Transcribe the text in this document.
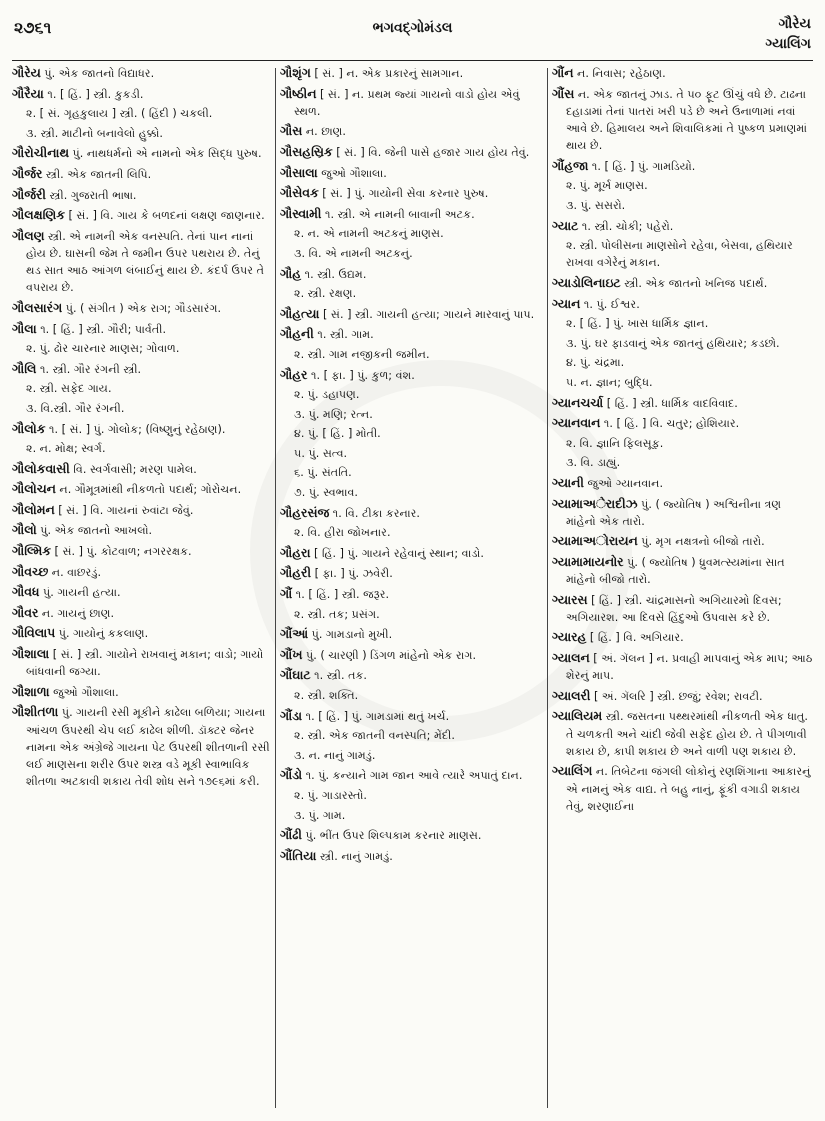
૨૭૬૧	ભગવદ્ગોમંડલ	ગૌરેય
ગ્યાલિંગ
ગૌરેય પું. એક જાતનો વિદ્યાધર.
ગૌરૈયા ૧. [ હિં. ] સ્ત્રી. કુકડી.
૨. [ સં. ગૃહકુલાય ] સ્ત્રી. ( હિંદી ) ચકલી.
૩. સ્ત્રી. માટીનો બનાવેલો હુક્કો.
ગૌરોચીનાથ પું. નાથધર્મનો એ નામનો એક સિદ્ધ પુરુષ.
ગૌર્જર સ્ત્રી. એક જાતની લિપિ.
ગૌર્જરી સ્ત્રી. ગુજરાતી ભાષા.
ગૌલક્ષણિક [ સં. ] વિ. ગાય કે બળદનાં લક્ષણ જાણનાર.
ગૌલણ સ્ત્રી. એ નામની એક વનસ્પતિ. તેનાં પાન નાનાં હોય છે. ઘાસની જેમ તે જમીન ઉપર પથરાય છે. તેનું થડ સાત આઠ આંગળ લંબાઈનું થાય છે. કંદર્પ ઉપર તે વપરાય છે.
ગૌલસારંગ પું. ( સંગીત ) એક રાગ; ગૌડસારંગ.
ગૌલા ૧. [ હિં. ] સ્ત્રી. ગૌરી; પાર્વતી.
૨. પું. ઢોર ચારનાર માણસ; ગોવાળ.
ગૌલિ ૧. સ્ત્રી. ગૌર રંગની સ્ત્રી.
૨. સ્ત્રી. સફેદ ગાય.
૩. વિ.સ્ત્રી. ગૌર રંગની.
ગૌલોક ૧. [ સં. ] પું. ગોલોક; (વિષ્ણુનું રહેઠાણ).
૨. ન. મોક્ષ; સ્વર્ગ.
ગૌલોકવાસી વિ. સ્વર્ગવાસી; મરણ પામેલ.
ગૌલોચન ન. ગૌમૂત્રમાંથી નીકળતો પદાર્થ; ગોરોચન.
ગૌલોમન [ સં. ] વિ. ગાયનાં રુવાંટા જેવું.
ગૌલો પું. એક જાતનો આખલો.
ગૌલ્મિક [ સં. ] પું. કોટવાળ; નગરરક્ષક.
ગૌવચ્છ ન. વાછરડું.
ગૌવધ પું. ગાયની હત્યા.
ગૌવર ન. ગાયનું છાણ.
ગૌવિલાપ પું. ગાયોનું કકલાણ.
ગૌશાલા [ સં. ] સ્ત્રી. ગાયોને રાખવાનું મકાન; વાડો; ગાયો બાંધવાની જગ્યા.
ગૌશાળા જુઓ ગૌશાલા.
ગૌશીતળા પું. ગાયની રસી મૂકીને કાઢેલા બળિયા; ગાયના આંચળ ઉપરથી ચેપ લઈ કાઢેલ શીળી. ડૉક્ટર જેનર નામના એક અંગ્રેજે ગાયના પેટ ઉપરથી શીતળાની રસી લઈ માણસના શરીર ઉપર શસ્ત્ર વડે મૂકી સ્વાભાવિક શીતળા અટકાવી શકાય તેવી શોધ સને ૧૭૯૬માં કરી.
ગૌશૃંગ [ સં. ] ન. એક પ્રકારનું સામગાન.
ગૌષ્ઠીન [ સં. ] ન. પ્રથમ જ્યાં ગાયનો વાડો હોય એવું સ્થળ.
ગૌસ ન. છાણ.
ગૌસહસ્રિક [ સં. ] વિ. જેની પાસે હજાર ગાય હોય તેવું.
ગૌસાલા જુઓ ગૌશાલા.
ગૌસેવક [ સં. ] પું. ગાયોની સેવા કરનાર પુરુષ.
ગૌસ્વામી ૧. સ્ત્રી. એ નામની બાવાની અટક.
૨. ન. એ નામની અટકનું માણસ.
૩. વિ. એ નામની અટકનું.
ગૌહ ૧. સ્ત્રી. ઉદ્યમ.
૨. સ્ત્રી. રક્ષણ.
ગૌહત્યા [ સં. ] સ્ત્રી. ગાયની હત્યા; ગાયને મારવાનું પાપ.
ગૌહની ૧. સ્ત્રી. ગામ.
૨. સ્ત્રી. ગામ નજીકની જમીન.
ગૌહર ૧. [ ફા. ] પું. કુળ; વંશ.
૨. પું. ડહાપણ.
૩. પું. મણિ; રત્ન.
૪. પું. [ હિં. ] મોતી.
૫. પું. સત્વ.
૬. પું. સંતતિ.
૭. પું. સ્વભાવ.
ગૌહરસંજ ૧. વિ. ટીકા કરનાર.
૨. વિ. હીરા જોખનાર.
ગૌહરા [ હિં. ] પું. ગાયને રહેવાનું સ્થાન; વાડો.
ગૌહરી [ ફા. ] પું. ઝવેરી.
ગૌં ૧. [ હિં. ] સ્ત્રી. જરૂર.
૨. સ્ત્રી. તક; પ્રસંગ.
ગૌંઆં પું. ગામડાનો મુખી.
ગૌંખ પું. ( ચારણી ) ડિંગળ માંહેનો એક રાગ.
ગૌંઘાટ ૧. સ્ત્રી. તક.
૨. સ્ત્રી. શક્તિ.
ગૌંડા ૧. [ હિં. ] પું. ગામડામાં થતું ખર્ચ.
૨. સ્ત્રી. એક જાતની વનસ્પતિ; મેંદી.
૩. ન. નાનું ગામડું.
ગૌંડો ૧. પું. કન્યાને ગામ જાન આવે ત્યારે અપાતું દાન.
૨. પું. ગાડારસ્તો.
૩. પું. ગામ.
ગૌંઢી પું. ભીંત ઉપર શિલ્પકામ કરનાર માણસ.
ગૌંતિયા સ્ત્રી. નાનું ગામડું.
ગૌંન ન. નિવાસ; રહેઠાણ.
ગૌંસ ન. એક જાતનું ઝાડ. તે ૫૦ ફૂટ ઊંચું વધે છે. ટાઢના દહાડામાં તેનાં પાતરાં ખરી પડે છે અને ઉનાળામાં નવાં આવે છે. હિમાલય અને શિવાલિકમાં તે પુષ્કળ પ્રમાણમાં થાય છે.
ગૌંહજા ૧. [ હિં. ] પું. ગામડિયો.
૨. પું. મૂર્ખ માણસ.
૩. પું. સસરો.
ગ્યાટ ૧. સ્ત્રી. ચોકી; પહેરો.
૨. સ્ત્રી. પોલીસના માણસોને રહેવા, બેસવા, હથિયાર રાખવા વગેરેનું મકાન.
ગ્યાડોલિનાઇટ સ્ત્રી. એક જાતનો ખનિજ પદાર્થ.
ગ્યાન ૧. પું. ઈશ્વર.
૨. [ હિં. ] પું. ખાસ ધાર્મિક જ્ઞાન.
૩. પું. ઘર ફાડવાનું એક જાતનું હથિયાર; કડછો.
૪. પું. ચંદ્રમા.
૫. ન. જ્ઞાન; બુદ્ધિ.
ગ્યાનચર્ચા [ હિં. ] સ્ત્રી. ધાર્મિક વાદવિવાદ.
ગ્યાનવાન ૧. [ હિં. ] વિ. ચતુર; હોશિયાર.
૨. વિ. જ્ઞાનિ ફિલસૂફ.
૩. વિ. ડાહ્યું.
ગ્યાની જુઓ ગ્યાનવાન.
ગ્યામાઅેરાદીઝ પું. ( જ્યોતિષ ) અશ્વિનીના ત્રણ માંહેનો એક તારો.
ગ્યામાઅોરાયન પું. મૃગ નક્ષત્રનો બીજો તારો.
ગ્યામામાયનોર પું. ( જ્યોતિષ ) ધ્રુવમત્સ્યમાંના સાત માંહેનો બીજો તારો.
ગ્યારસ [ હિં. ] સ્ત્રી. ચાંદ્રમાસનો અગિયારમો દિવસ; અગિયારશ. આ દિવસે હિંદુઓ ઉપવાસ કરે છે.
ગ્યારહ [ હિં. ] વિ. અગિયાર.
ગ્યાલન [ અં. ગૅલન ] ન. પ્રવાહી માપવાનું એક માપ; આઠ શેરનું માપ.
ગ્યાલરી [ અં. ગૅલરિ ] સ્ત્રી. છજું; રવેશ; રાવટી.
ગ્યાલિયમ સ્ત્રી. જસતના પથ્થરમાંથી નીકળતી એક ધાતુ. તે ચળકતી અને ચાંદી જેવી સફેદ હોય છે. તે પીગળાવી શકાય છે, કાપી શકાય છે અને વાળી પણ શકાય છે.
ગ્યાલિંગ ન. તિબેટના જંગલી લોકોનું રણશિંગાના આકારનું એ નામનું એક વાદ્ય. તે બહુ નાનું, ફૂંકી વગાડી શકાય તેવું, શરણાઈના
